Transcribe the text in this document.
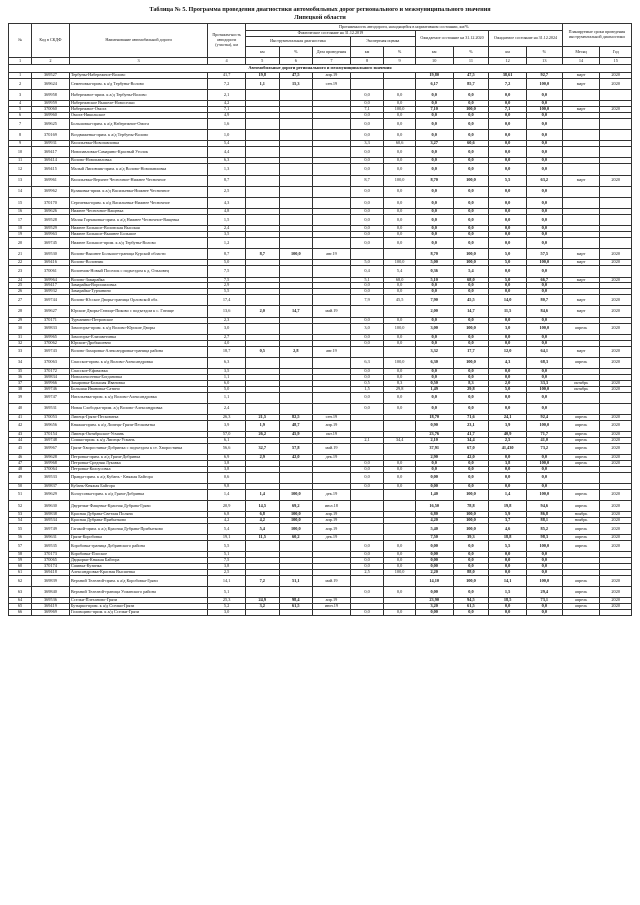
Таблица № 5. Программа проведения диагностики автомобильных дорог регионального и межмуниципального значения
Липецкой области
№	Код в СКДФ	Наименование автомобильной дороги	Протяжен-ность автодороги (участка), км	Протяженность автодороги, находящейся в нормативном состоянии, км/%									Планируемые сроки проведения инструментальной диагностики	
				Фактическое состояние на 31.12.2019					Ожидаемое состояние на 31.12.2020		Ожидаемое состояние на 31.12.2024			
				Инструментальная диагностика			Экспертная оценка							
				км	%	Дата проведения	км	%	км	%	км	%	Месяц	Год
1	2	3	4	5	6	7	8	9	10	11	12	13	14	15
Автомобильные дороги регионального и межмуниципального значения														
1	369527	Тербуны-Набережное-Волово	41,7	19,8	47,5	апр.19			19,80	47,5	38,61	92,7	март	2020
2	369624	Семеновка-прим. к а/д Тербуны-Волово	7,2	1,1	15,3	сен.19			6,17	85,7	7,2	100,0	март	2020
3	369958	Набережное-прим. к а/д Тербуны-Волово	2,1				0,0	0,0	0,0	0,0	0,0	0,0		
4	369959	Набережнское Вышеле-Новоселки	4,2				0,0	0,0	0,0	0,0	0,0	0,0		
5	370060	Набережное-Омога	7,1				7,1	100,0	7,10	100,0	7,1	100,0	март	2020
6	369960	Омога-Никольское	4,9				0,0	0,0	0,0	0,0	0,0	0,0		
7	369625	Большовка-прим. к а/д Набережное-Омога	1,6				0,0	0,0	0,0	0,0	0,0	0,0		
8	370169	Воздвиженка-прим. к а/д Тербуны-Волово	1,0				0,0	0,0	0,0	0,0	0,0	0,0		
9	369931	Васильевка-Новопавловка	5,4				3,3	60,6	3,27	60,6	0,0	0,0		
10	369417	Новопавловка-Самарино-Красный Уголок	4,4				0,0	0,0	0,0	0,0	0,0	0,0		
11	369414	Волово-Новопавловка	6,3				0,0	0,0	0,0	0,0	0,0	0,0		
12	369415	Малый Липовчик-прим. к а/д Волово-Новопавловка	1,3				0,0	0,0	0,0	0,0	0,0	0,0		
13	369961	Васильевка-Верхнее Чесночное-Нижнее Чесночное	8,7				8,7	100,0	8,70	100,0	5,5	63,2	март	2020
14	369962	Кулаковка-прим. к а/д Васильевка-Нижнее Чесночное	2,5				0,0	0,0	0,0	0,0	0,0	0,0		
15	370170	Сергиевка-прим. к а/д Васильевка-Нижнее Чесночное	4,3				0,0	0,0	0,0	0,0	0,0	0,0		
16	369626	Нижнее Чесночное-Ващевка	4,8				0,0	0,0	0,0	0,0	0,0	0,0		
17	369528	Малая Горчаковка-прим. к а/д Нижнее Чесночное-Ващевка	1,5				0,0	0,0	0,0	0,0	0,0	0,0		
18	369529	Нижнее Большое-Воловская Высокая	2,4				0,0	0,0	0,0	0,0	0,0	0,0		
19	369963	Нижнее Большое-Вышнее Большое	3,5				0,0	0,0	0,0	0,0	0,0	0,0		
20	369745	Нижнее Большое-прим. к а/д Тербуны-Волово	1,2				0,0	0,0	0,0	0,0	0,0	0,0		
21	369530	Волово-Вышнее Большое-граница Курской области	8,7	8,7	100,0	авг.19			8,70	100,0	5,0	57,5	март	2020
22	369416	Волово-Воловчик	5,0				5,0	100,0	5,00	100,0	5,0	100,0	март	2020
23	370061	Волончик-Новый Поселок с подъездом к д. Ольховец	7,5				0,4	5,4	0,36	5,4	0,0	0,0		
24	369964	Волово-Замарайка	7,5				5,1	68,0	5,10	68,0	5,0	66,7	март	2020
25	369417	Замарайка-Ворошиловка	2,9				0,0	0,0	0,0	0,0	0,0	0,0		
26	369932	Замарайка-Турчанино	5,5				0,0	0,0	0,0	0,0	0,0	0,0		
27	369744	Волово-Юсское Дворы-граница Орловской обл.	17,4				7,9	45,5	7,90	45,5	14,0	80,7	март	2020
28	369627	Юрские Дворы-Гатище-Пиково с подъездом к с. Гатище	13,6	2,0	14,7	май.19			2,00	14,7	11,5	84,6	март	2020
29	370171	Турчанино-Петровское	2,3				0,0	0,0	0,0	0,0	0,0	0,0		
30	369833	Замогорье-прим. к а/д Волово-Юрские Дворы	3,0				3,0	100,0	3,00	100,0	3,0	100,0	апрель	2020
31	369965	Замогорье-Елизаветинка	2,7				0,0	0,0	0,0	0,0	0,0	0,0		
32	370062	Юрские-Дробышевно	4,0				0,0	0,0	0,0	0,0	0,0	0,0		
33	369743	Волово-Захаровка-Александровка-граница района	18,7	0,5	2,8	авг.19			3,32	17,7	12,0	64,1	март	2020
34	370063	Спасское-прим. к а/д Волово-Александровка	6,3				6,3	100,0	6,30	100,0	4,3	68,3	апрель	2020
35	370172	Спасское-Ефимовка	3,5				0,0	0,0	0,0	0,0	0,0	0,0		
36	369834	Новоалексеевка-Богдановка	1,1				0,0	0,0	0,0	0,0	0,0	0,0		
37	369966	Захаровка-Большая Ивановка	6,0				0,5	8,3	0,50	8,3	2,0	33,3	октябрь	2020
38	369746	Большая Ивановка-Сатино	5,0				1,5	29,8	1,49	29,8	5,0	100,0	октябрь	2020
39	369747	Натальевка-прим. к а/д Волово-Александровка	1,1				0,0	0,0	0,0	0,0	0,0	0,0		
40	369531	Новая Слободка-прим. а/д Волово-Александровка	2,4				0,0	0,0	0,0	0,0	0,0	0,0		
41	370053	Липецк-Грязи-Песковатка	26,3	21,5	82,5	сен.19			18,70	71,6	24,1	92,4	апрель	2020
42	369656	Княжая-прим. к а/д Липецк-Грязи-Песковатка	3,9	1,9	48,7	апр.19			0,90	23,1	3,9	100,0	апрель	2020
43	370154	Липецк-Октябрьское-Усмань	57,0	26,2	45,9	окт.19			23,76	41,7	40,9	71,7	апрель	2020
44	369748	Сошки-прим. к а/д Липецк-Усмань	6,1				2,1	34,4	2,10	34,4	2,5	41,0	апрель	2020
45	369967	Грязи-Хворостянка-Добринка с подъездом к ст. Хворостянка	56,6	32,7	57,8	май.19			37,91	67,0	41,430	73,2	апрель	2020
46	369628	Петровка-прим. к а/д Грязи-Добринка	6,9	2,9	42,0	дек.19			2,90	42,0	0,0	0,0	апрель	2020
47	369968	Петровка-Средняя Лукавка	3,8				0,0	0,0	0,0	0,0	3,8	100,0	апрель	2020
48	370064	Петровка-Колоусовка	3,8				0,0	0,0	0,0	0,0	0,0	0,0		
49	369533	Правда-прим. к а/д Кубань - Княжая Байгора	0,6				0,0	0,0	0,00	0,0	0,0	0,0		
50	369837	Кубань-Княжая Байгора	9,8				0,0	0,0	0,00	0,0	0,0	0,0		
51	369629	Колоусовка-прим. к а/д Грязи-Добринка	1,4	1,4	100,0	дек.19			1,40	100,0	1,4	100,0	апрель	2020
52	369630	Двуречки-Фащевка-Красная Дубрава-Грязи	20,9	14,5	69,2	июл.18			16,50	78,8	19,8	94,6	апрель	2020
53	369838	Красная Дубрава-Светлая Поляна	6,8	6,8	100,0	апр.19			6,80	100,0	5,9	86,8	ноябрь	2020
54	369534	Красная Дубрава-Прибытково	4,2	4,2	100,0	апр.19			4,20	100,0	3,7	88,1	ноябрь	2020
55	369749	Гагакой-прим. к а/д Красная Дубрава-Прибытково	5,4	5,4	100,0	апр.19			5,40	100,0	4,6	85,2	апрель	2020
56	369631	Грязи-Коробовка	19,1	11,5	60,2	дек.19			7,50	39,3	18,8	98,3	апрель	2020
57	369535	Коробовка-граница Добринского района	5,5				0,0	0,0	0,00	0,0	5,5	100,0	апрель	2020
58	370173	Коробовка-Плоское	5,1				0,0	0,0	0,00	0,0	0,0	0,0		
59	370065	Двдкорки-Княжая Байгора	7,5				0,0	0,0	0,00	0,0	0,0	0,0		
60	370174	Сшивка-Кузинка	3,8				0,0	0,0	0,00	0,0	0,0	0,0		
61	369418	Александровка-Красная Высшевка	2,5				2,5	100,0	2,20	88,0	0,0	0,0		
62	369839	Верхний Телелюй-прим. к а/д Коробовка-Грязи	14,1	7,2	51,1	май.19			14,10	100,0	14,1	100,0	апрель	2020
63	369840	Верхний Телелюй-граница Усманского района	5,1				0,0	0,0	0,00	0,0	1,5	29,4	апрель	2020
64	369536	Сселки-Плехановo-Грязи	25,3	24,9	98,4	апр.19			23,90	94,5	18,5	73,1	апрель	2020
65	369419	Бутырки-прим. к а/д Сселки-Грязи	5,2	3,2	61,5	июн.19			3,20	61,5	0,0	0,0	апрель	2020
66	369969	Головщино-прим. к а/д Сселки-Грязи	3,0				0,0	0,0	0,00	0,0	0,0	0,0		
